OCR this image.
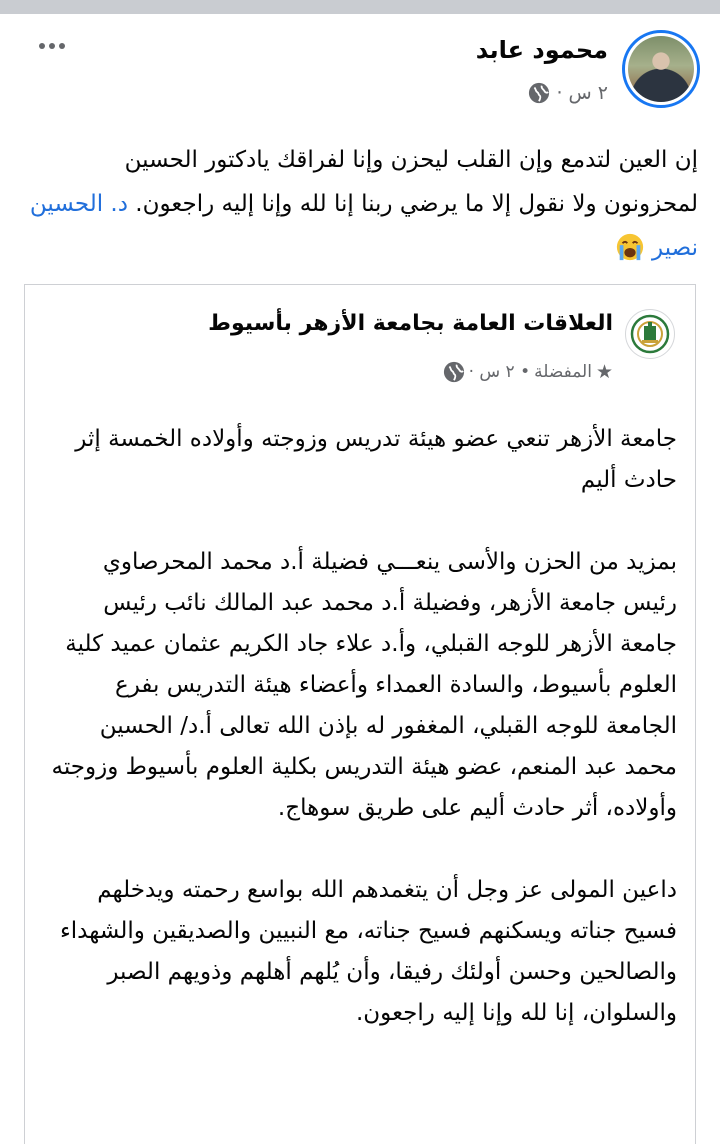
محمود عابد
٢ س ·
إن العين لتدمع وإن القلب ليحزن وإنا لفراقك يادكتور الحسين لمحزونون ولا نقول إلا ما يرضي ربنا إنا لله وإنا إليه راجعون. د. الحسين نصير
العلاقات العامة بجامعة الأزهر بأسيوط
★
المفضلة
• ٢ س ·

جامعة الأزهر تنعي عضو هيئة تدريس وزوجته وأولاده الخمسة إثر حادث أليم

بمزيد من الحزن والأسى ينعـــي فضيلة أ.د محمد المحرصاوي رئيس جامعة الأزهر، وفضيلة أ.د محمد عبد المالك نائب رئيس جامعة الأزهر للوجه القبلي، وأ.د علاء جاد الكريم عثمان عميد كلية العلوم بأسيوط، والسادة العمداء وأعضاء هيئة التدريس بفرع الجامعة للوجه القبلي، المغفور له بإذن الله تعالى أ.د/ الحسين محمد عبد المنعم، عضو هيئة التدريس بكلية العلوم بأسيوط وزوجته وأولاده، أثر حادث أليم على طريق سوهاج.

داعين المولى عز وجل أن يتغمدهم الله بواسع رحمته ويدخلهم فسيح جناته ويسكنهم فسيح جناته، مع النبيين والصديقين والشهداء والصالحين وحسن أولئك رفيقا، وأن يُلهم أهلهم وذويهم الصبر والسلوان، إنا لله وإنا إليه راجعون.
